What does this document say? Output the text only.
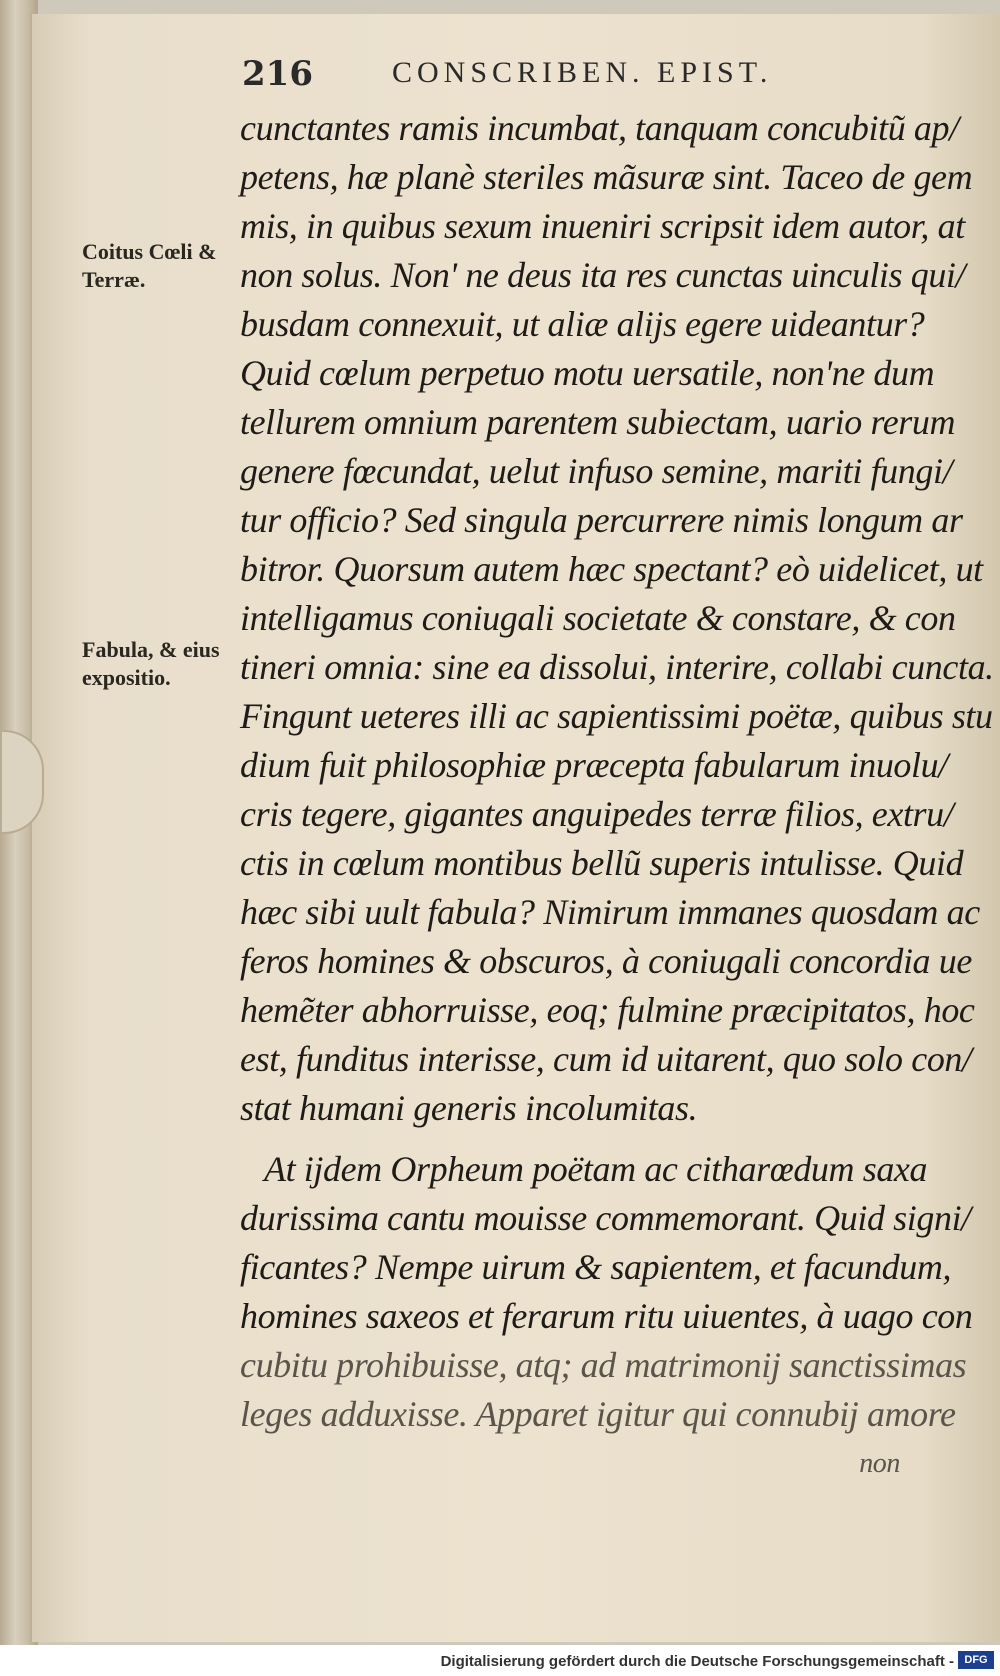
216	CONSCRIBEN. EPIST.
Coitus Cœli & Terræ.
Fabula, & eius expositio.
cunctantes ramis incumbat, tanquam concubitũ ap/
petens, hæ planè steriles mãsuræ sint. Taceo de gem
mis, in quibus sexum inueniri scripsit idem autor, at
non solus. Non' ne deus ita res cunctas uinculis qui/
busdam connexuit, ut aliæ alijs egere uideantur?
Quid cœlum perpetuo motu uersatile, non'ne dum
tellurem omnium parentem subiectam, uario rerum
genere fœcundat, uelut infuso semine, mariti fungi/
tur officio? Sed singula percurrere nimis longum ar
bitror. Quorsum autem hæc spectant? eò uidelicet, ut
intelligamus coniugali societate & constare, & con
tineri omnia: sine ea dissolui, interire, collabi cuncta.
Fingunt ueteres illi ac sapientissimi poëtæ, quibus stu
dium fuit philosophiæ præcepta fabularum inuolu/
cris tegere, gigantes anguipedes terræ filios, extru/
ctis in cœlum montibus bellũ superis intulisse. Quid
hæc sibi uult fabula? Nimirum immanes quosdam ac
feros homines & obscuros, à coniugali concordia ue
hemẽter abhorruisse, eoq; fulmine præcipitatos, hoc
est, funditus interisse, cum id uitarent, quo solo con/
stat humani generis incolumitas.
At ijdem Orpheum poëtam ac citharœdum saxa
durissima cantu mouisse commemorant. Quid signi/
ficantes? Nempe uirum & sapientem, et facundum,
homines saxeos et ferarum ritu uiuentes, à uago con
cubitu prohibuisse, atq; ad matrimonij sanctissimas
leges adduxisse. Apparet igitur qui connubij amore
non
Digitalisierung gefördert durch die Deutsche Forschungsgemeinschaft - DFG
